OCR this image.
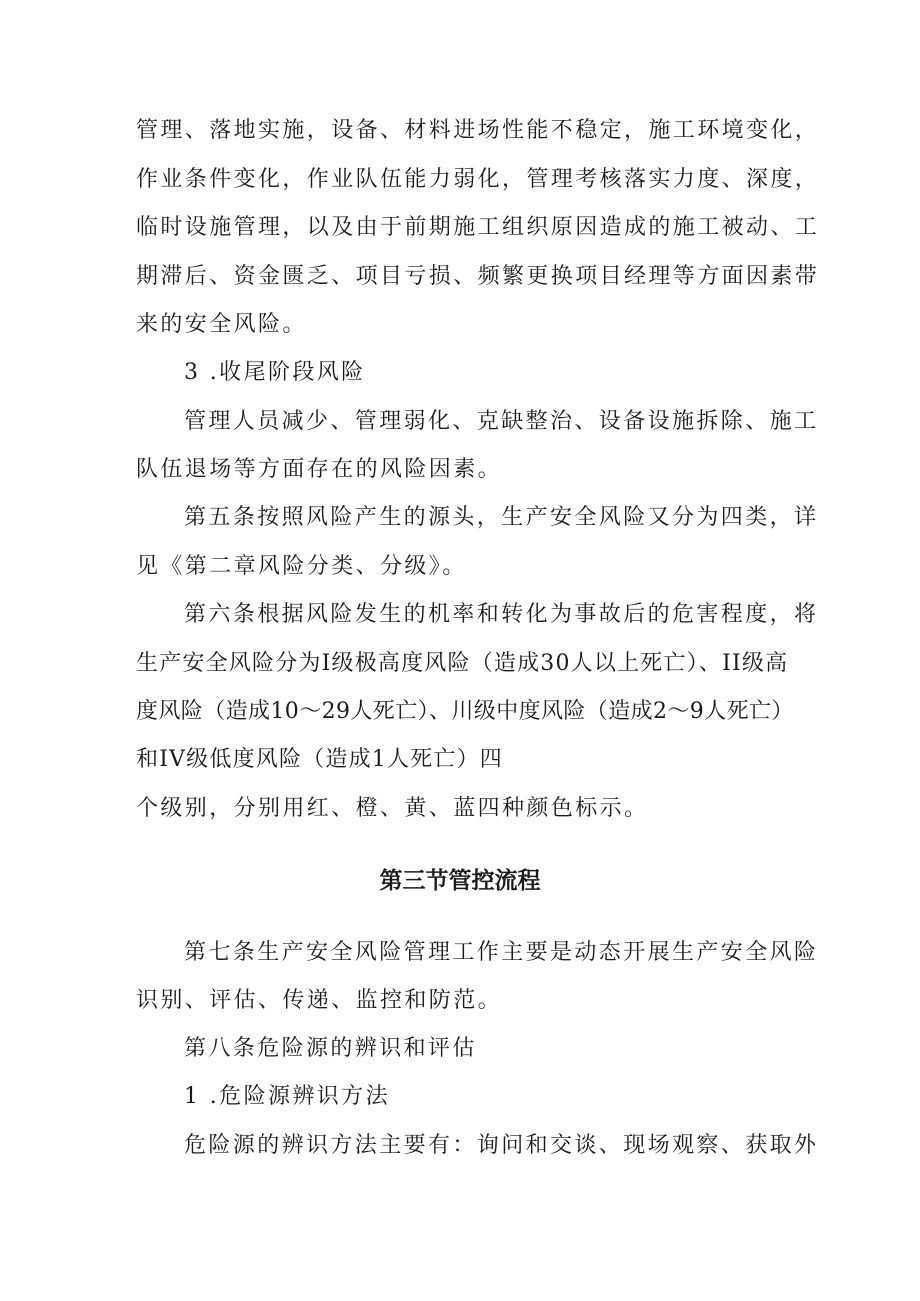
管理、落地实施，设备、材料进场性能不稳定，施工环境变化，
作业条件变化，作业队伍能力弱化，管理考核落实力度、深度，
临时设施管理，以及由于前期施工组织原因造成的施工被动、工
期滞后、资金匮乏、项目亏损、频繁更换项目经理等方面因素带
来的安全风险。
3 .收尾阶段风险
管理人员减少、管理弱化、克缺整治、设备设施拆除、施工
队伍退场等方面存在的风险因素。
第五条按照风险产生的源头，生产安全风险又分为四类，详
见《第二章风险分类、分级》。
第六条根据风险发生的机率和转化为事故后的危害程度，将
生产安全风险分为I级极高度风险（造成30人以上死亡）、II级高
度风险（造成10〜29人死亡）、川级中度风险（造成2〜9人死亡）
和IV级低度风险（造成1人死亡）四
个级别，分别用红、橙、黄、蓝四种颜色标示。
第三节管控流程
第七条生产安全风险管理工作主要是动态开展生产安全风险
识别、评估、传递、监控和防范。
第八条危险源的辨识和评估
1 .危险源辨识方法
危险源的辨识方法主要有：询问和交谈、现场观察、获取外
